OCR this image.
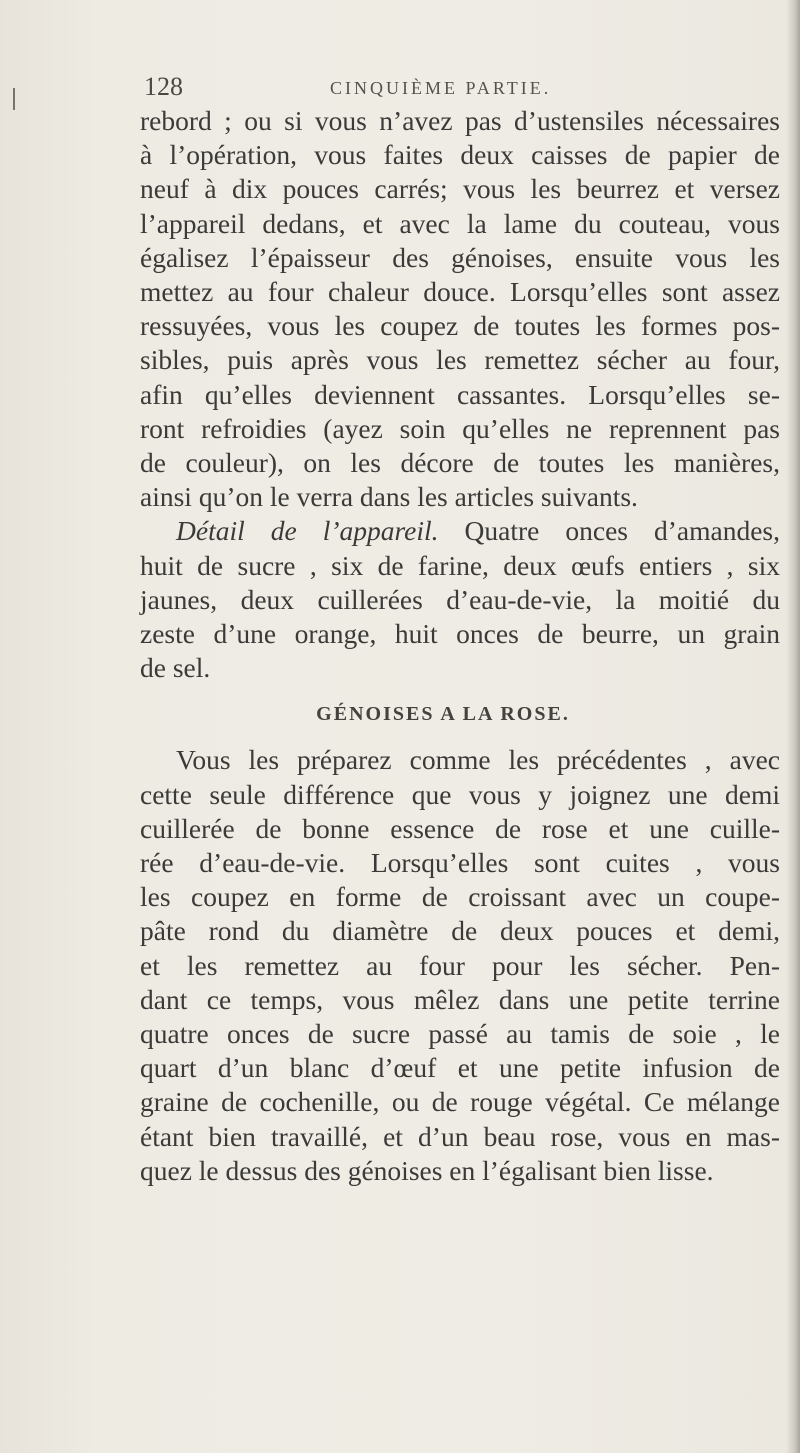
128	CINQUIÈME PARTIE.

rebord ; ou si vous n’avez pas d’ustensiles nécessaires
à l’opération, vous faites deux caisses de papier de
neuf à dix pouces carrés; vous les beurrez et versez
l’appareil dedans, et avec la lame du couteau, vous
égalisez l’épaisseur des génoises, ensuite vous les
mettez au four chaleur douce. Lorsqu’elles sont assez
ressuyées, vous les coupez de toutes les formes pos-
sibles, puis après vous les remettez sécher au four,
afin qu’elles deviennent cassantes. Lorsqu’elles se-
ront refroidies (ayez soin qu’elles ne reprennent pas
de couleur), on les décore de toutes les manières,
ainsi qu’on le verra dans les articles suivants.

Détail de l’appareil. Quatre onces d’amandes,
huit de sucre , six de farine, deux œufs entiers , six
jaunes, deux cuillerées d’eau-de-vie, la moitié du
zeste d’une orange, huit onces de beurre, un grain
de sel.

GÉNOISES A LA ROSE.

Vous les préparez comme les précédentes , avec
cette seule différence que vous y joignez une demi
cuillerée de bonne essence de rose et une cuille-
rée d’eau-de-vie. Lorsqu’elles sont cuites , vous
les coupez en forme de croissant avec un coupe-
pâte rond du diamètre de deux pouces et demi,
et les remettez au four pour les sécher. Pen-
dant ce temps, vous mêlez dans une petite terrine
quatre onces de sucre passé au tamis de soie , le
quart d’un blanc d’œuf et une petite infusion de
graine de cochenille, ou de rouge végétal. Ce mélange
étant bien travaillé, et d’un beau rose, vous en mas-
quez le dessus des génoises en l’égalisant bien lisse.
